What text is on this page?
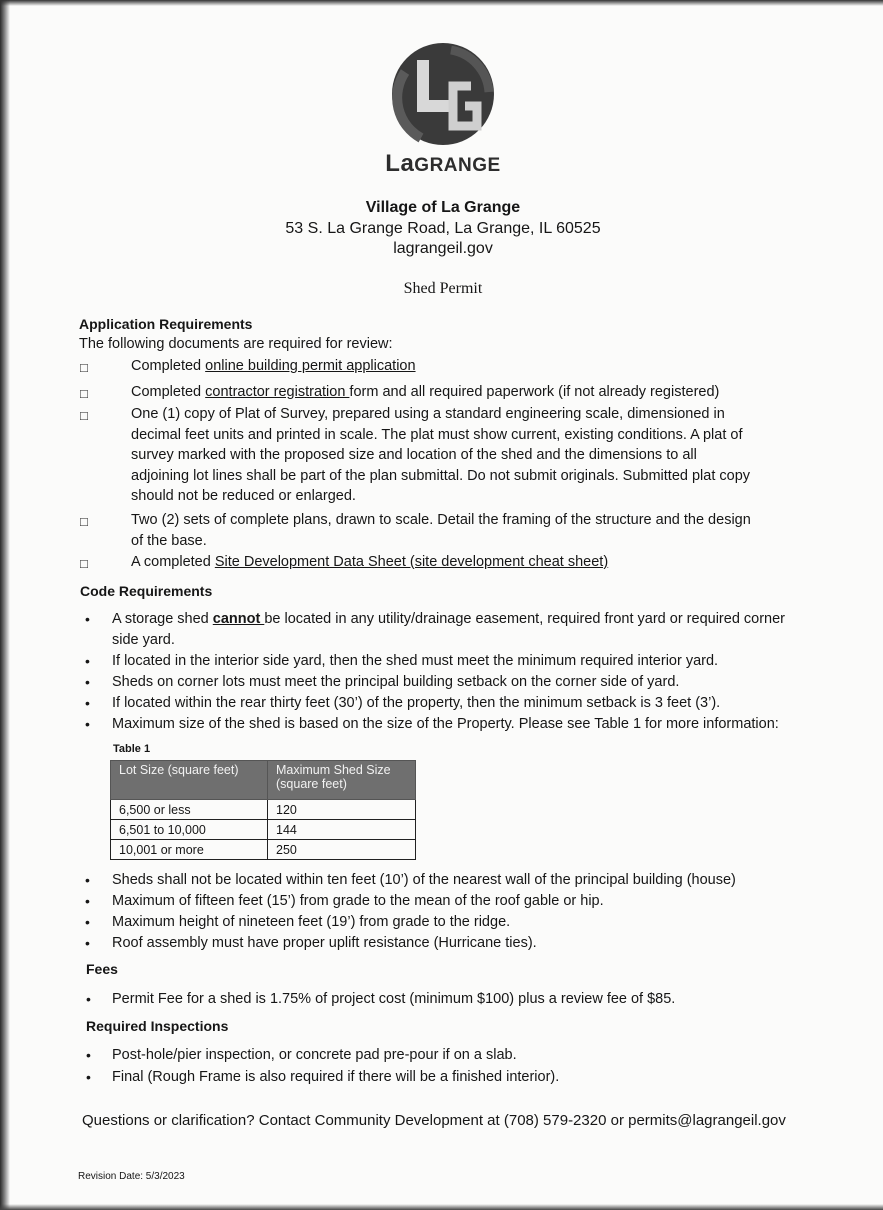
LaGRANGE
Village of La Grange
53 S. La Grange Road, La Grange, IL 60525
lagrangeil.gov
Shed Permit
Application Requirements
The following documents are required for review:
□	Completed online building permit application
□	Completed contractor registration form and all required paperwork (if not already registered)
□	One (1) copy of Plat of Survey, prepared using a standard engineering scale, dimensioned in decimal feet units and printed in scale. The plat must show current, existing conditions. A plat of survey marked with the proposed size and location of the shed and the dimensions to all adjoining lot lines shall be part of the plan submittal. Do not submit originals. Submitted plat copy should not be reduced or enlarged.
□	Two (2) sets of complete plans, drawn to scale. Detail the framing of the structure and the design of the base.
□	A completed Site Development Data Sheet (site development cheat sheet)
Code Requirements
• A storage shed cannot be located in any utility/drainage easement, required front yard or required corner side yard.
• If located in the interior side yard, then the shed must meet the minimum required interior yard.
• Sheds on corner lots must meet the principal building setback on the corner side of yard.
• If located within the rear thirty feet (30’) of the property, then the minimum setback is 3 feet (3’).
• Maximum size of the shed is based on the size of the Property. Please see Table 1 for more information:
Table 1
Lot Size (square feet)	Maximum Shed Size (square feet)
6,500 or less	120
6,501 to 10,000	144
10,001 or more	250
• Sheds shall not be located within ten feet (10’) of the nearest wall of the principal building (house)
• Maximum of fifteen feet (15’) from grade to the mean of the roof gable or hip.
• Maximum height of nineteen feet (19’) from grade to the ridge.
• Roof assembly must have proper uplift resistance (Hurricane ties).
Fees
• Permit Fee for a shed is 1.75% of project cost (minimum $100) plus a review fee of $85.
Required Inspections
• Post-hole/pier inspection, or concrete pad pre-pour if on a slab.
• Final (Rough Frame is also required if there will be a finished interior).
Questions or clarification? Contact Community Development at (708) 579-2320 or permits@lagrangeil.gov
Revision Date: 5/3/2023
